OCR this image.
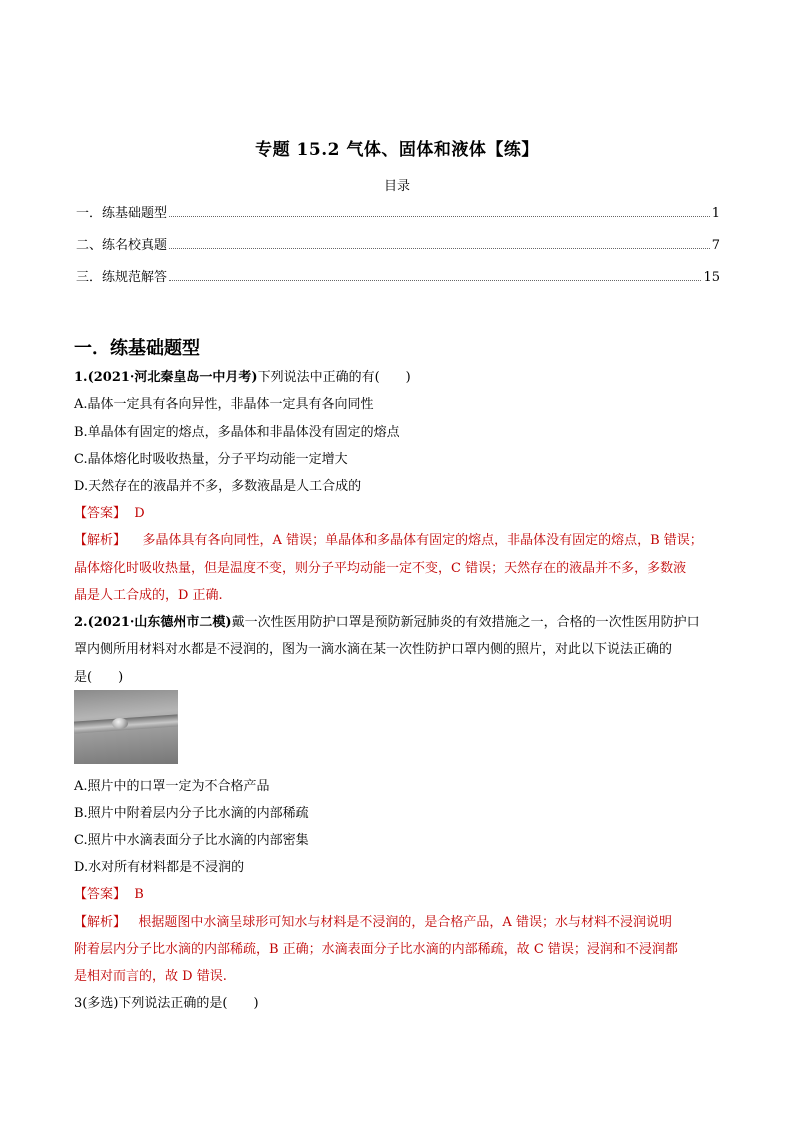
专题 15.2 气体、固体和液体【练】
目录
一．练基础题型	1
二、练名校真题	7
三．练规范解答	15
一．练基础题型
1.(2021·河北秦皇岛一中月考)下列说法中正确的有(　　)
A.晶体一定具有各向异性，非晶体一定具有各向同性
B.单晶体有固定的熔点，多晶体和非晶体没有固定的熔点
C.晶体熔化时吸收热量，分子平均动能一定增大
D.天然存在的液晶并不多，多数液晶是人工合成的
【答案】 D
【解析】 多晶体具有各向同性，A 错误；单晶体和多晶体有固定的熔点，非晶体没有固定的熔点，B 错误；
晶体熔化时吸收热量，但是温度不变，则分子平均动能一定不变，C 错误；天然存在的液晶并不多，多数液
晶是人工合成的，D 正确.
2.(2021·山东德州市二模)戴一次性医用防护口罩是预防新冠肺炎的有效措施之一，合格的一次性医用防护口
罩内侧所用材料对水都是不浸润的，图为一滴水滴在某一次性防护口罩内侧的照片，对此以下说法正确的
是(　　)
A.照片中的口罩一定为不合格产品
B.照片中附着层内分子比水滴的内部稀疏
C.照片中水滴表面分子比水滴的内部密集
D.水对所有材料都是不浸润的
【答案】 B
【解析】 根据题图中水滴呈球形可知水与材料是不浸润的，是合格产品，A 错误；水与材料不浸润说明
附着层内分子比水滴的内部稀疏，B 正确；水滴表面分子比水滴的内部稀疏，故 C 错误；浸润和不浸润都
是相对而言的，故 D 错误.
3(多选)下列说法正确的是(　　)
